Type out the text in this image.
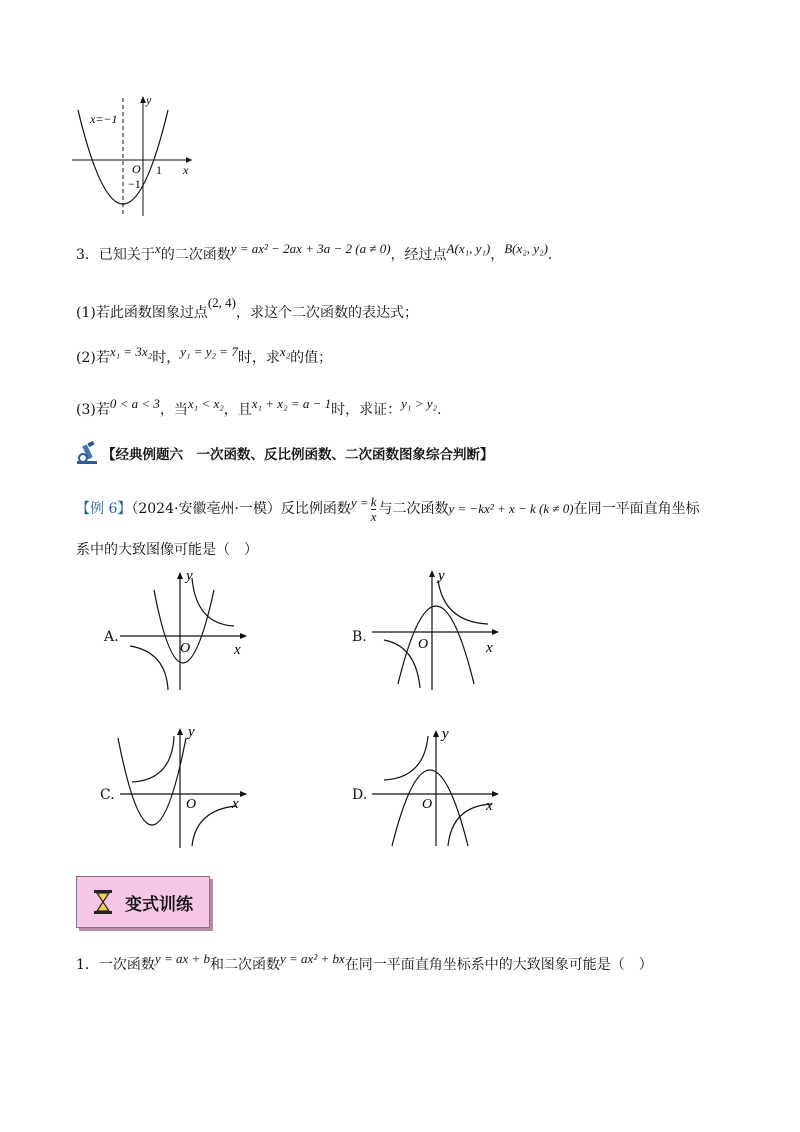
x=−1
y
x
O 1
−1
3．已知关于x的二次函数y = ax² − 2ax + 3a − 2 (a ≠ 0)，经过点A(x₁, y₁)，B(x₂, y₂).
(1)若此函数图象过点(2, 4)，求这个二次函数的表达式；
(2)若x₁ = 3x₂时，y₁ = y₂ = 7时，求x₂的值；
(3)若0 < a < 3，当x₁ < x₂，且x₁ + x₂ = a − 1时，求证：y₁ > y₂.
【经典例题六　一次函数、反比例函数、二次函数图象综合判断】
【例 6】（2024·安徽亳州·一模）反比例函数$y = \frac{k}{x}$ 与二次函数y = −kx² + x − k (k ≠ 0)在同一平面直角坐标
系中的大致图像可能是（　）
A.
y
x
O
B.
y
x
O
C.
y
x
O
D.
y
x
O
变式训练
1．一次函数y = ax + b和二次函数y = ax² + bx在同一平面直角坐标系中的大致图象可能是（　）
